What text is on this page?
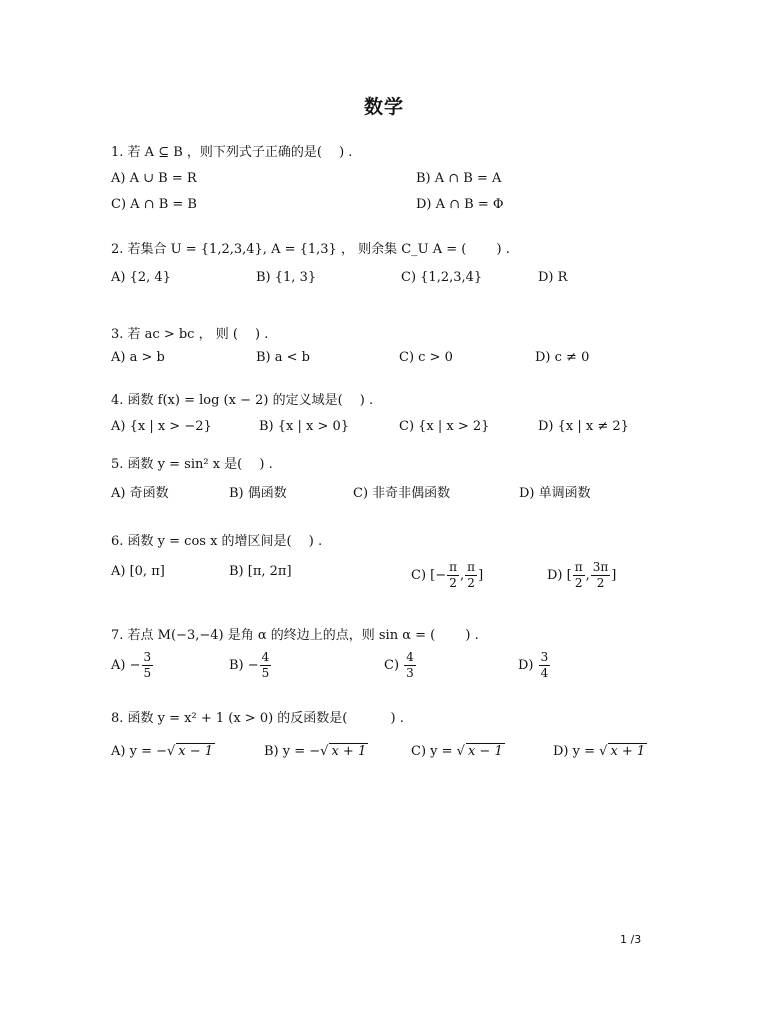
数学
1. 若 A ⊆ B ，则下列式子正确的是(　 ) .
A) A ∪ B = R	B) A ∩ B = A
C) A ∩ B = B	D) A ∩ B = Φ
2. 若集合 U = {1,2,3,4}, A = {1,3} ， 则余集 C_U A = (　　 ) .
A) {2, 4}	B) {1, 3}	C) {1,2,3,4}	D) R
3. 若 ac > bc ， 则 (　 ) .
A) a > b	B) a < b	C) c > 0	D) c ≠ 0
4. 函数 f(x) = log (x − 2) 的定义域是(　 ) .
A) {x | x > −2}	B) {x | x > 0}	C) {x | x > 2}	D) {x | x ≠ 2}
5. 函数 y = sin² x 是(　 ) .
A) 奇函数	B) 偶函数	C) 非奇非偶函数	D) 单调函数
6. 函数 y = cos x 的增区间是(　 ) .
A) [0, π]	B) [π, 2π]	C) [− $\frac{\pi}{2}$ , $\frac{\pi}{2}$ ]	D) [ $\frac{\pi}{2}$ , $\frac{3\pi}{2}$ ]
7. 若点 M(−3,−4) 是角 α 的终边上的点，则 sin α = (　　 ) .
$A) - \frac{3}{5}$	$B) - \frac{4}{5}$	$C) \frac{4}{3}$	$D) \frac{3}{4}$
8. 函数 y = x² + 1 (x > 0) 的反函数是(　　　 ) .
A) y = −√ x − 1	B) y = −√ x + 1	C) y = √ x − 1	D) y = √ x + 1
1 /3
